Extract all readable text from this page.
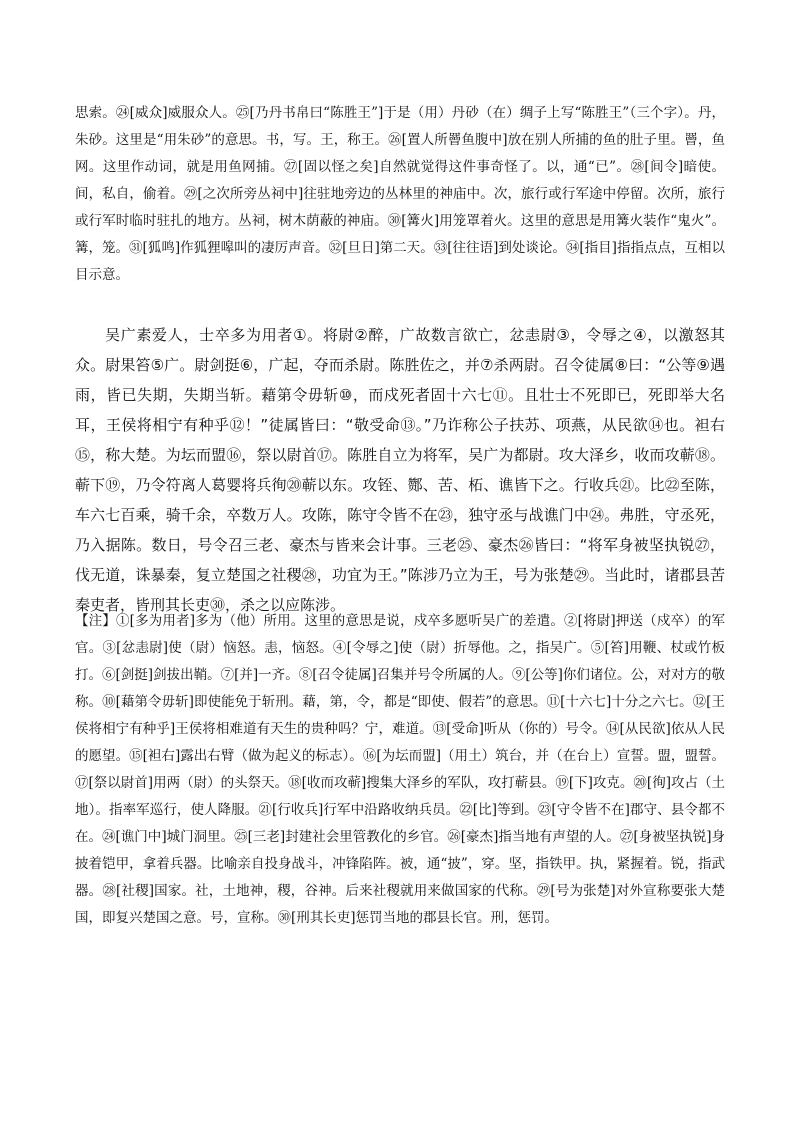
思索。㉔[威众]威服众人。㉕[乃丹书帛曰“陈胜王”]于是（用）丹砂（在）绸子上写“陈胜王”（三个字）。丹，朱砂。这里是“用朱砂”的意思。书，写。王，称王。㉖[置人所罾鱼腹中]放在别人所捕的鱼的肚子里。罾，鱼网。这里作动词，就是用鱼网捕。㉗[固以怪之矣]自然就觉得这件事奇怪了。以，通“已”。㉘[间令]暗使。间，私自，偷着。㉙[之次所旁丛祠中]往驻地旁边的丛林里的神庙中。次，旅行或行军途中停留。次所，旅行或行军时临时驻扎的地方。丛祠，树木荫蔽的神庙。㉚[篝火]用笼罩着火。这里的意思是用篝火装作“鬼火”。篝，笼。㉛[狐鸣]作狐狸嗥叫的凄厉声音。㉜[旦日]第二天。㉝[往往语]到处谈论。㉞[指目]指指点点，互相以目示意。

吴广素爱人，士卒多为用者①。将尉②醉，广故数言欲亡，忿恚尉③，令辱之④，以激怒其众。尉果笞⑤广。尉剑挺⑥，广起，夺而杀尉。陈胜佐之，并⑦杀两尉。召令徒属⑧曰：“公等⑨遇雨，皆已失期，失期当斩。藉第令毋斩⑩，而戍死者固十六七⑪。且壮士不死即已，死即举大名耳，王侯将相宁有种乎⑫！”徒属皆曰：“敬受命⑬。”乃诈称公子扶苏、项燕，从民欲⑭也。袒右⑮，称大楚。为坛而盟⑯，祭以尉首⑰。陈胜自立为将军，吴广为都尉。攻大泽乡，收而攻蕲⑱。蕲下⑲，乃令符离人葛婴将兵徇⑳蕲以东。攻铚、酂、苦、柘、谯皆下之。行收兵㉑。比㉒至陈，车六七百乘，骑千余，卒数万人。攻陈，陈守令皆不在㉓，独守丞与战谯门中㉔。弗胜，守丞死，乃入据陈。数日，号令召三老、豪杰与皆来会计事。三老㉕、豪杰㉖皆曰：“将军身被坚执锐㉗，伐无道，诛暴秦，复立楚国之社稷㉘，功宜为王。”陈涉乃立为王，号为张楚㉙。当此时，诸郡县苦秦吏者，皆刑其长吏㉚，杀之以应陈涉。

【注】①[多为用者]多为（他）所用。这里的意思是说，戍卒多愿听吴广的差遣。②[将尉]押送（戍卒）的军官。③[忿恚尉]使（尉）恼怒。恚，恼怒。④[令辱之]使（尉）折辱他。之，指吴广。⑤[笞]用鞭、杖或竹板打。⑥[剑挺]剑拔出鞘。⑦[并]一齐。⑧[召令徒属]召集并号令所属的人。⑨[公等]你们诸位。公，对对方的敬称。⑩[藉第令毋斩]即使能免于斩刑。藉，第，令，都是“即使、假若”的意思。⑪[十六七]十分之六七。⑫[王侯将相宁有种乎]王侯将相难道有天生的贵种吗？宁，难道。⑬[受命]听从（你的）号令。⑭[从民欲]依从人民的愿望。⑮[袒右]露出右臂（做为起义的标志）。⑯[为坛而盟]（用土）筑台，并（在台上）宣誓。盟，盟誓。⑰[祭以尉首]用两（尉）的头祭天。⑱[收而攻蕲]搜集大泽乡的军队，攻打蕲县。⑲[下]攻克。⑳[徇]攻占（土地）。指率军巡行，使人降服。㉑[行收兵]行军中沿路收纳兵员。㉒[比]等到。㉓[守令皆不在]郡守、县令都不在。㉔[谯门中]城门洞里。㉕[三老]封建社会里管教化的乡官。㉖[豪杰]指当地有声望的人。㉗[身被坚执锐]身披着铠甲，拿着兵器。比喻亲自投身战斗，冲锋陷阵。被，通“披”，穿。坚，指铁甲。执，紧握着。锐，指武器。㉘[社稷]国家。社，土地神，稷，谷神。后来社稷就用来做国家的代称。㉙[号为张楚]对外宣称要张大楚国，即复兴楚国之意。号，宣称。㉚[刑其长吏]惩罚当地的郡县长官。刑，惩罚。
